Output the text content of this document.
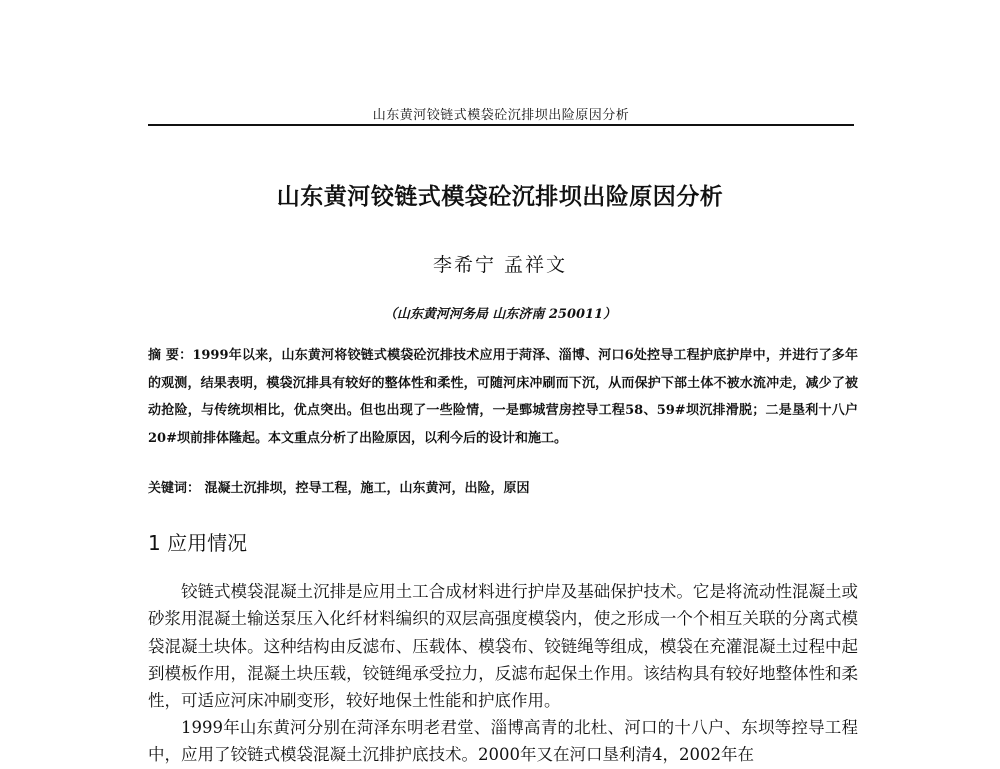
山东黄河铰链式模袋砼沉排坝出险原因分析
山东黄河铰链式模袋砼沉排坝出险原因分析
李希宁 孟祥文
（山东黄河河务局 山东济南 250011）

摘 要：1999年以来，山东黄河将铰链式模袋砼沉排技术应用于菏泽、淄博、河口6处控导工程护底护岸中，并进行了多年的观测，结果表明，模袋沉排具有较好的整体性和柔性，可随河床冲刷而下沉，从而保护下部土体不被水流冲走，减少了被动抢险，与传统坝相比，优点突出。但也出现了一些险情，一是鄄城营房控导工程58、59#坝沉排滑脱；二是垦利十八户20#坝前排体隆起。本文重点分析了出险原因，以利今后的设计和施工。

关键词： 混凝土沉排坝，控导工程，施工，山东黄河，出险，原因
1 应用情况

铰链式模袋混凝土沉排是应用土工合成材料进行护岸及基础保护技术。它是将流动性混凝土或砂浆用混凝土输送泵压入化纤材料编织的双层高强度模袋内，使之形成一个个相互关联的分离式模袋混凝土块体。这种结构由反滤布、压载体、模袋布、铰链绳等组成，模袋在充灌混凝土过程中起到模板作用，混凝土块压载，铰链绳承受拉力，反滤布起保土作用。该结构具有较好地整体性和柔性，可适应河床冲刷变形，较好地保土性能和护底作用。

1999年山东黄河分别在菏泽东明老君堂、淄博高青的北杜、河口的十八户、东坝等控导工程中，应用了铰链式模袋混凝土沉排护底技术。2000年又在河口垦利清4，2002年在
